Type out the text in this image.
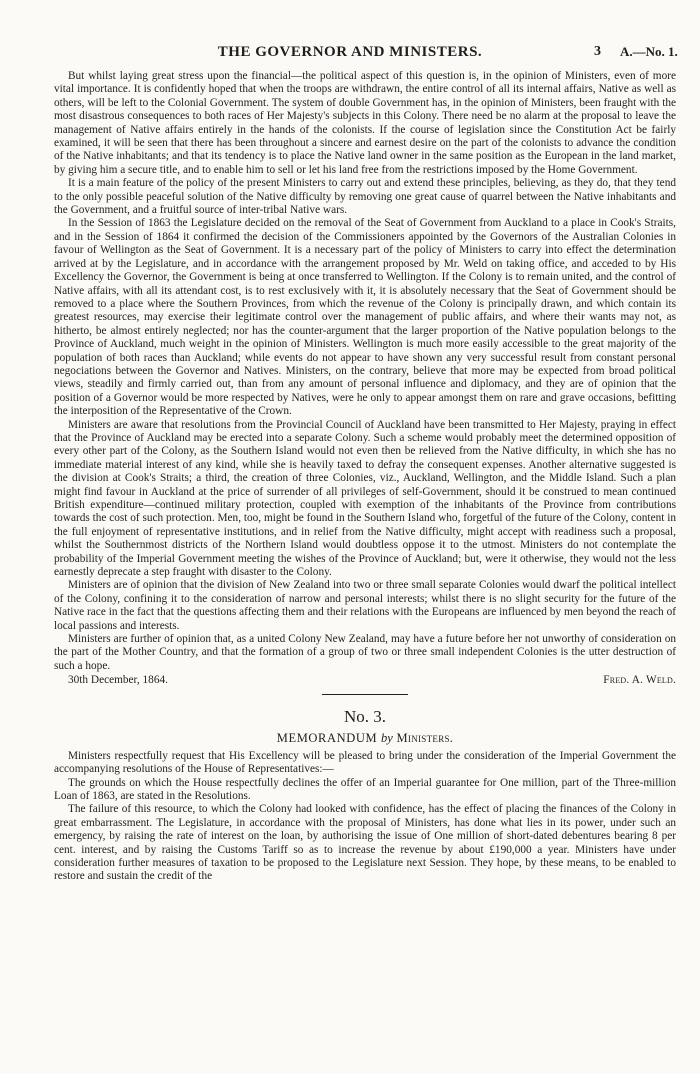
THE GOVERNOR AND MINISTERS.	3 A.—No. 1.

But whilst laying great stress upon the financial—the political aspect of this question is, in the opinion of Ministers, even of more vital importance. It is confidently hoped that when the troops are withdrawn, the entire control of all its internal affairs, Native as well as others, will be left to the Colonial Government. The system of double Government has, in the opinion of Ministers, been fraught with the most disastrous consequences to both races of Her Majesty's subjects in this Colony. There need be no alarm at the proposal to leave the management of Native affairs entirely in the hands of the colonists. If the course of legislation since the Constitution Act be fairly examined, it will be seen that there has been throughout a sincere and earnest desire on the part of the colonists to advance the condition of the Native inhabitants; and that its tendency is to place the Native land owner in the same position as the European in the land market, by giving him a secure title, and to enable him to sell or let his land free from the restrictions imposed by the Home Government.

It is a main feature of the policy of the present Ministers to carry out and extend these principles, believing, as they do, that they tend to the only possible peaceful solution of the Native difficulty by removing one great cause of quarrel between the Native inhabitants and the Government, and a fruitful source of inter-tribal Native wars.

In the Session of 1863 the Legislature decided on the removal of the Seat of Government from Auckland to a place in Cook's Straits, and in the Session of 1864 it confirmed the decision of the Commissioners appointed by the Governors of the Australian Colonies in favour of Wellington as the Seat of Government. It is a necessary part of the policy of Ministers to carry into effect the determination arrived at by the Legislature, and in accordance with the arrangement proposed by Mr. Weld on taking office, and acceded to by His Excellency the Governor, the Government is being at once transferred to Wellington. If the Colony is to remain united, and the control of Native affairs, with all its attendant cost, is to rest exclusively with it, it is absolutely necessary that the Seat of Government should be removed to a place where the Southern Provinces, from which the revenue of the Colony is principally drawn, and which contain its greatest resources, may exercise their legitimate control over the management of public affairs, and where their wants may not, as hitherto, be almost entirely neglected; nor has the counter-argument that the larger proportion of the Native population belongs to the Province of Auckland, much weight in the opinion of Ministers. Wellington is much more easily accessible to the great majority of the population of both races than Auckland; while events do not appear to have shown any very successful result from constant personal negociations between the Governor and Natives. Ministers, on the contrary, believe that more may be expected from broad political views, steadily and firmly carried out, than from any amount of personal influence and diplomacy, and they are of opinion that the position of a Governor would be more respected by Natives, were he only to appear amongst them on rare and grave occasions, befitting the interposition of the Representative of the Crown.

Ministers are aware that resolutions from the Provincial Council of Auckland have been transmitted to Her Majesty, praying in effect that the Province of Auckland may be erected into a separate Colony. Such a scheme would probably meet the determined opposition of every other part of the Colony, as the Southern Island would not even then be relieved from the Native difficulty, in which she has no immediate material interest of any kind, while she is heavily taxed to defray the consequent expenses. Another alternative suggested is the division at Cook's Straits; a third, the creation of three Colonies, viz., Auckland, Wellington, and the Middle Island. Such a plan might find favour in Auckland at the price of surrender of all privileges of self-Government, should it be construed to mean continued British expenditure—continued military protection, coupled with exemption of the inhabitants of the Province from contributions towards the cost of such protection. Men, too, might be found in the Southern Island who, forgetful of the future of the Colony, content in the full enjoyment of representative institutions, and in relief from the Native difficulty, might accept with readiness such a proposal, whilst the Southernmost districts of the Northern Island would doubtless oppose it to the utmost. Ministers do not contemplate the probability of the Imperial Government meeting the wishes of the Province of Auckland; but, were it otherwise, they would not the less earnestly deprecate a step fraught with disaster to the Colony.

Ministers are of opinion that the division of New Zealand into two or three small separate Colonies would dwarf the political intellect of the Colony, confining it to the consideration of narrow and personal interests; whilst there is no slight security for the future of the Native race in the fact that the questions affecting them and their relations with the Europeans are influenced by men beyond the reach of local passions and interests.

Ministers are further of opinion that, as a united Colony New Zealand, may have a future before her not unworthy of consideration on the part of the Mother Country, and that the formation of a group of two or three small independent Colonies is the utter destruction of such a hope.

30th December, 1864.	Fred. A. Weld.
No. 3.
MEMORANDUM by Ministers.

Ministers respectfully request that His Excellency will be pleased to bring under the consideration of the Imperial Government the accompanying resolutions of the House of Representatives:—

The grounds on which the House respectfully declines the offer of an Imperial guarantee for One million, part of the Three-million Loan of 1863, are stated in the Resolutions.

The failure of this resource, to which the Colony had looked with confidence, has the effect of placing the finances of the Colony in great embarrassment. The Legislature, in accordance with the proposal of Ministers, has done what lies in its power, under such an emergency, by raising the rate of interest on the loan, by authorising the issue of One million of short-dated debentures bearing 8 per cent. interest, and by raising the Customs Tariff so as to increase the revenue by about £190,000 a year. Ministers have under consideration further measures of taxation to be proposed to the Legislature next Session. They hope, by these means, to be enabled to restore and sustain the credit of the
